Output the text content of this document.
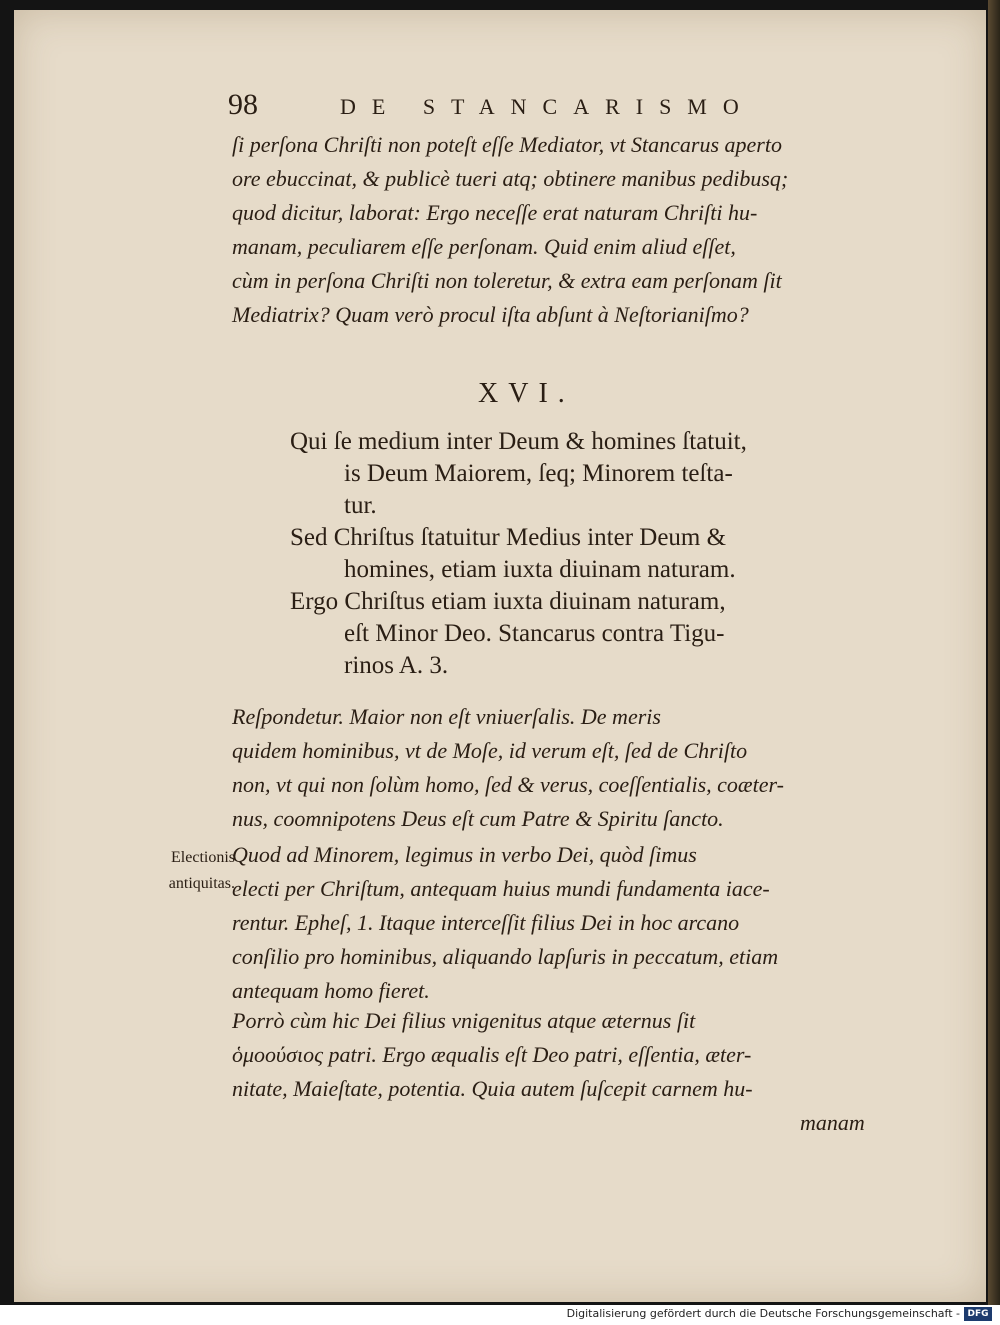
98	DE STANCARISMO
ſi perſona Chriſti non poteſt eſſe Mediator, vt Stancarus aperto
ore ebuccinat, & publicè tueri atq; obtinere manibus pedibusq;
quod dicitur, laborat: Ergo neceſſe erat naturam Chriſti hu-
manam, peculiarem eſſe perſonam. Quid enim aliud eſſet,
cùm in perſona Chriſti non toleretur, & extra eam perſonam ſit
Mediatrix? Quam verò procul iſta abſunt à Neſtorianiſmo?
XVI.
Qui ſe medium inter Deum & homines ſtatuit,
is Deum Maiorem, ſeq; Minorem teſta-
tur.
Sed Chriſtus ſtatuitur Medius inter Deum &
homines, etiam iuxta diuinam naturam.
Ergo Chriſtus etiam iuxta diuinam naturam,
eſt Minor Deo. Stancarus contra Tigu-
rinos A. 3.
Reſpondetur. Maior non eſt vniuerſalis. De meris
quidem hominibus, vt de Moſe, id verum eſt, ſed de Chriſto
non, vt qui non ſolùm homo, ſed & verus, coeſſentialis, coæter-
nus, coomnipotens Deus eſt cum Patre & Spiritu ſancto.
Electionis
antiquitas.
Quod ad Minorem, legimus in verbo Dei, quòd ſimus
electi per Chriſtum, antequam huius mundi fundamenta iace-
rentur. Epheſ, 1. Itaque interceſſit filius Dei in hoc arcano
conſilio pro hominibus, aliquando lapſuris in peccatum, etiam
antequam homo fieret.
Porrò cùm hic Dei filius vnigenitus atque æternus ſit
ὁμοούσιος patri. Ergo æqualis eſt Deo patri, eſſentia, æter-
nitate, Maieſtate, potentia. Quia autem ſuſcepit carnem hu-
manam
Digitalisierung gefördert durch die Deutsche Forschungsgemeinschaft - DFG
